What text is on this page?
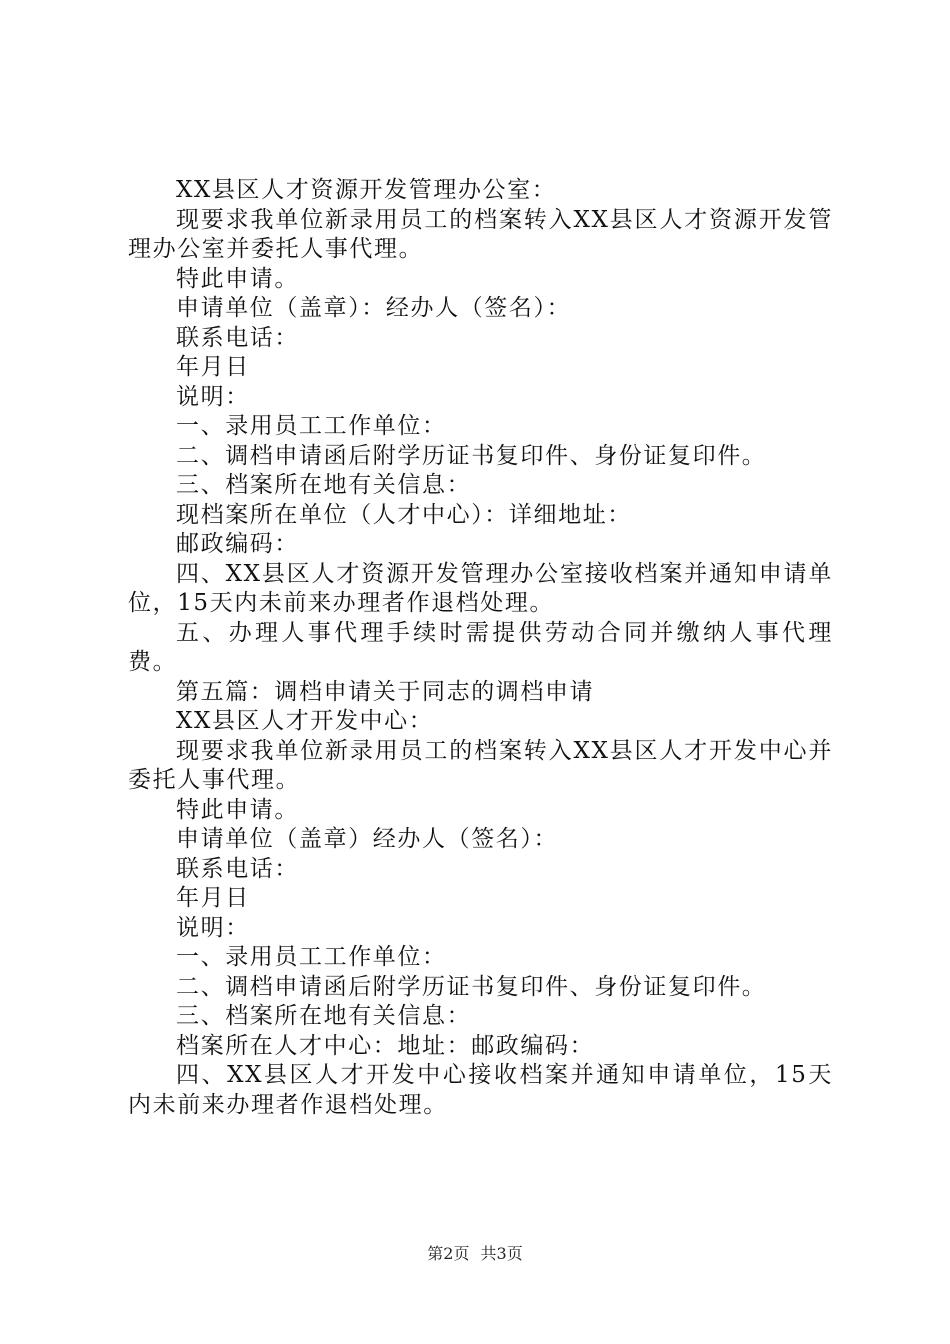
XX县区人才资源开发管理办公室：

现要求我单位新录用员工的档案转入XX县区人才资源开发管理办公室并委托人事代理。

特此申请。

申请单位（盖章）：经办人（签名）：

联系电话：

年月日

说明：

一、录用员工工作单位：

二、调档申请函后附学历证书复印件、身份证复印件。

三、档案所在地有关信息：

现档案所在单位（人才中心）：详细地址：

邮政编码：

四、XX县区人才资源开发管理办公室接收档案并通知申请单位，15天内未前来办理者作退档处理。

五、办理人事代理手续时需提供劳动合同并缴纳人事代理费。

第五篇：调档申请关于同志的调档申请

XX县区人才开发中心：

现要求我单位新录用员工的档案转入XX县区人才开发中心并委托人事代理。

特此申请。

申请单位（盖章）经办人（签名）：

联系电话：

年月日

说明：

一、录用员工工作单位：

二、调档申请函后附学历证书复印件、身份证复印件。

三、档案所在地有关信息：

档案所在人才中心：地址：邮政编码：

四、XX县区人才开发中心接收档案并通知申请单位，15天内未前来办理者作退档处理。

第2页 共3页
